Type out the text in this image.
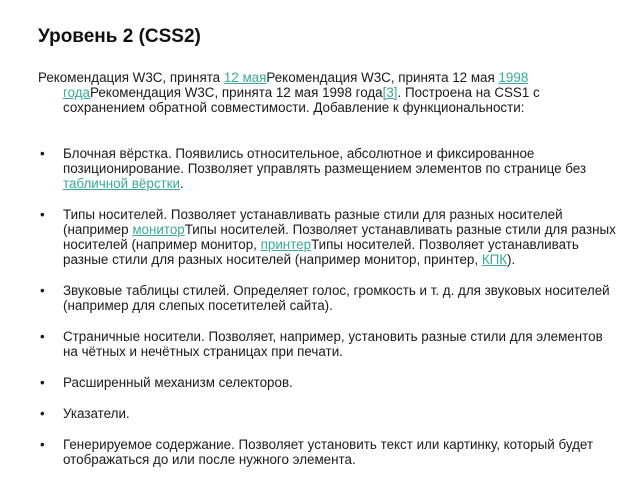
Уровень 2 (CSS2)

Рекомендация W3C, принята 12 маяРекомендация W3C, принята 12 мая 1998 годаРекомендация W3C, принята 12 мая 1998 года[3]. Построена на CSS1 с сохранением обратной совместимости. Добавление к функциональности:

• Блочная вёрстка. Появились относительное, абсолютное и фиксированное позиционирование. Позволяет управлять размещением элементов по странице без табличной вёрстки.
• Типы носителей. Позволяет устанавливать разные стили для разных носителей (например мониторТипы носителей. Позволяет устанавливать разные стили для разных носителей (например монитор, принтерТипы носителей. Позволяет устанавливать разные стили для разных носителей (например монитор, принтер, КПК).
• Звуковые таблицы стилей. Определяет голос, громкость и т. д. для звуковых носителей (например для слепых посетителей сайта).
• Страничные носители. Позволяет, например, установить разные стили для элементов на чётных и нечётных страницах при печати.
• Расширенный механизм селекторов.
• Указатели.
• Генерируемое содержание. Позволяет установить текст или картинку, который будет отображаться до или после нужного элемента.
